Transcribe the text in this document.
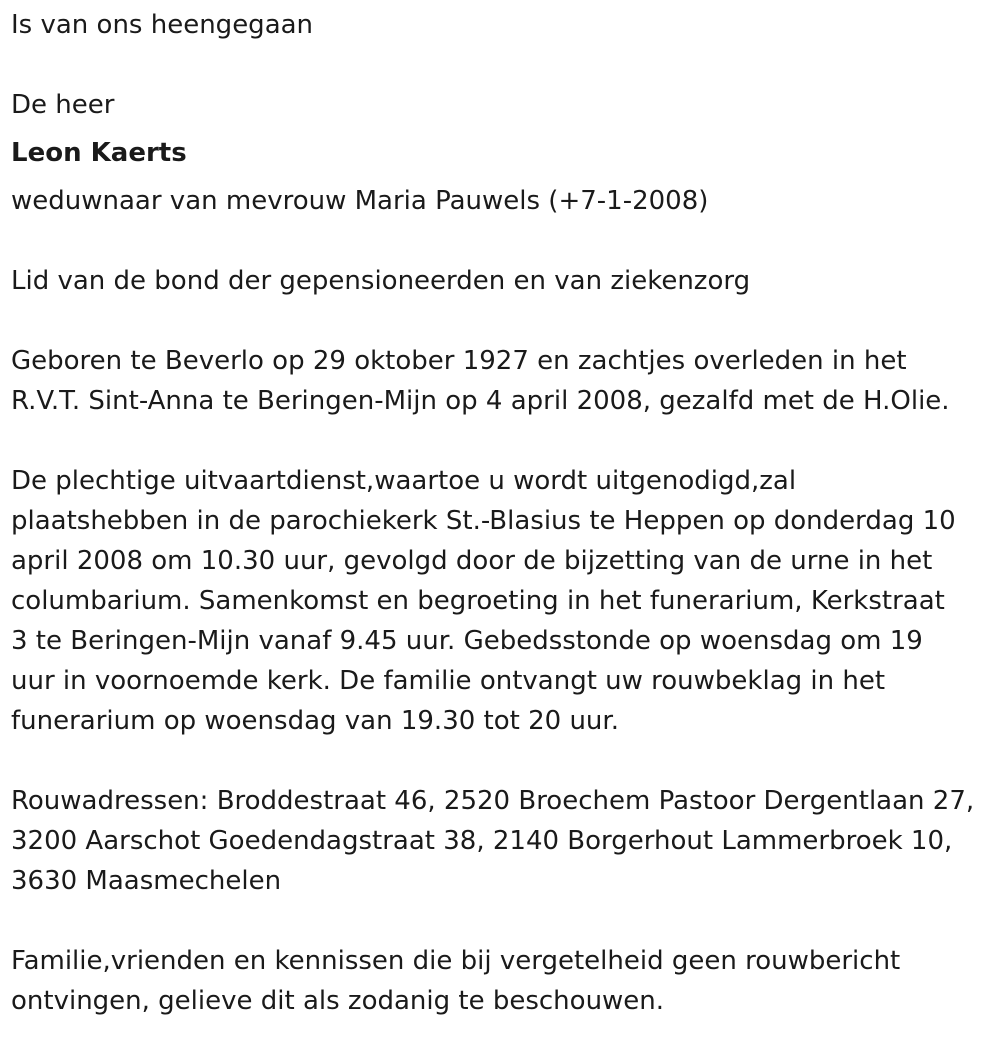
Is van ons heengegaan
De heer
Leon Kaerts
weduwnaar van mevrouw Maria Pauwels (+7-1-2008)
Lid van de bond der gepensioneerden en van ziekenzorg
Geboren te Beverlo op 29 oktober 1927 en zachtjes overleden in het
R.V.T. Sint-Anna te Beringen-Mijn op 4 april 2008, gezalfd met de H.Olie.
De plechtige uitvaartdienst,waartoe u wordt uitgenodigd,zal
plaatshebben in de parochiekerk St.-Blasius te Heppen op donderdag 10
april 2008 om 10.30 uur, gevolgd door de bijzetting van de urne in het
columbarium. Samenkomst en begroeting in het funerarium, Kerkstraat
3 te Beringen-Mijn vanaf 9.45 uur. Gebedsstonde op woensdag om 19
uur in voornoemde kerk. De familie ontvangt uw rouwbeklag in het
funerarium op woensdag van 19.30 tot 20 uur.
Rouwadressen: Broddestraat 46, 2520 Broechem Pastoor Dergentlaan 27,
3200 Aarschot Goedendagstraat 38, 2140 Borgerhout Lammerbroek 10,
3630 Maasmechelen
Familie,vrienden en kennissen die bij vergetelheid geen rouwbericht
ontvingen, gelieve dit als zodanig te beschouwen.
